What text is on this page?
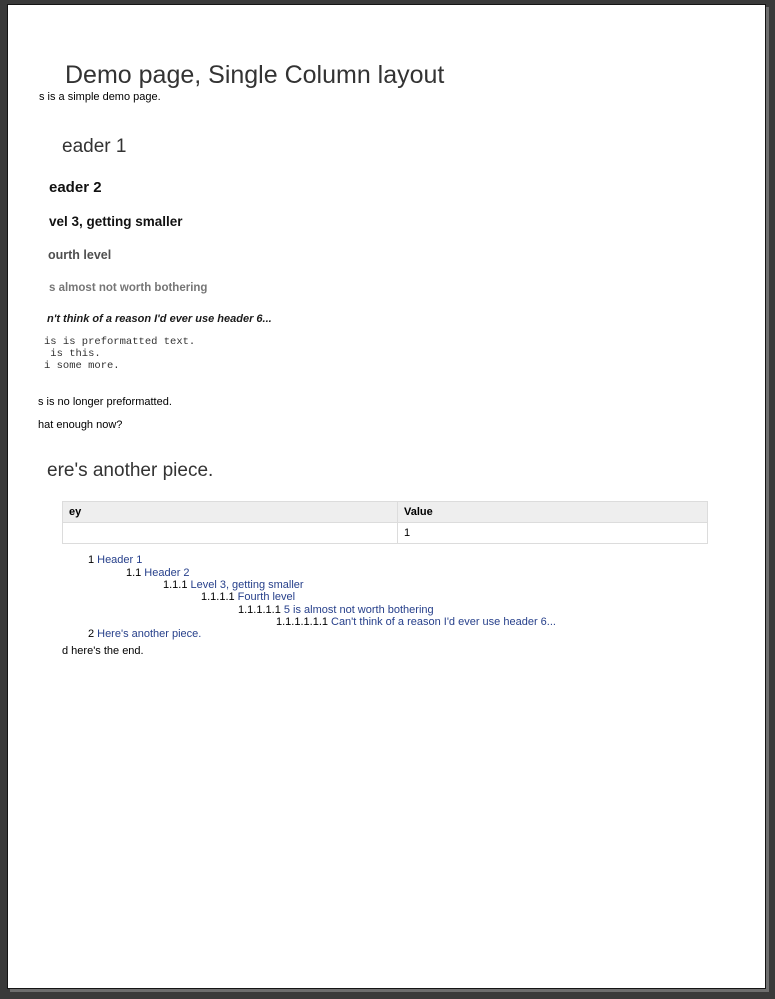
Demo page, Single Column layout
s is a simple demo page.
eader 1
eader 2
vel 3, getting smaller
ourth level
s almost not worth bothering
n't think of a reason I'd ever use header 6...
is is preformatted text.
is this.
i some more.
s is no longer preformatted.
hat enough now?
ere's another piece.
ey	Value
	1
1 Header 1
1.1 Header 2
1.1.1 Level 3, getting smaller
1.1.1.1 Fourth level
1.1.1.1.1 5 is almost not worth bothering
1.1.1.1.1.1 Can't think of a reason I'd ever use header 6...
2 Here's another piece.
d here's the end.
